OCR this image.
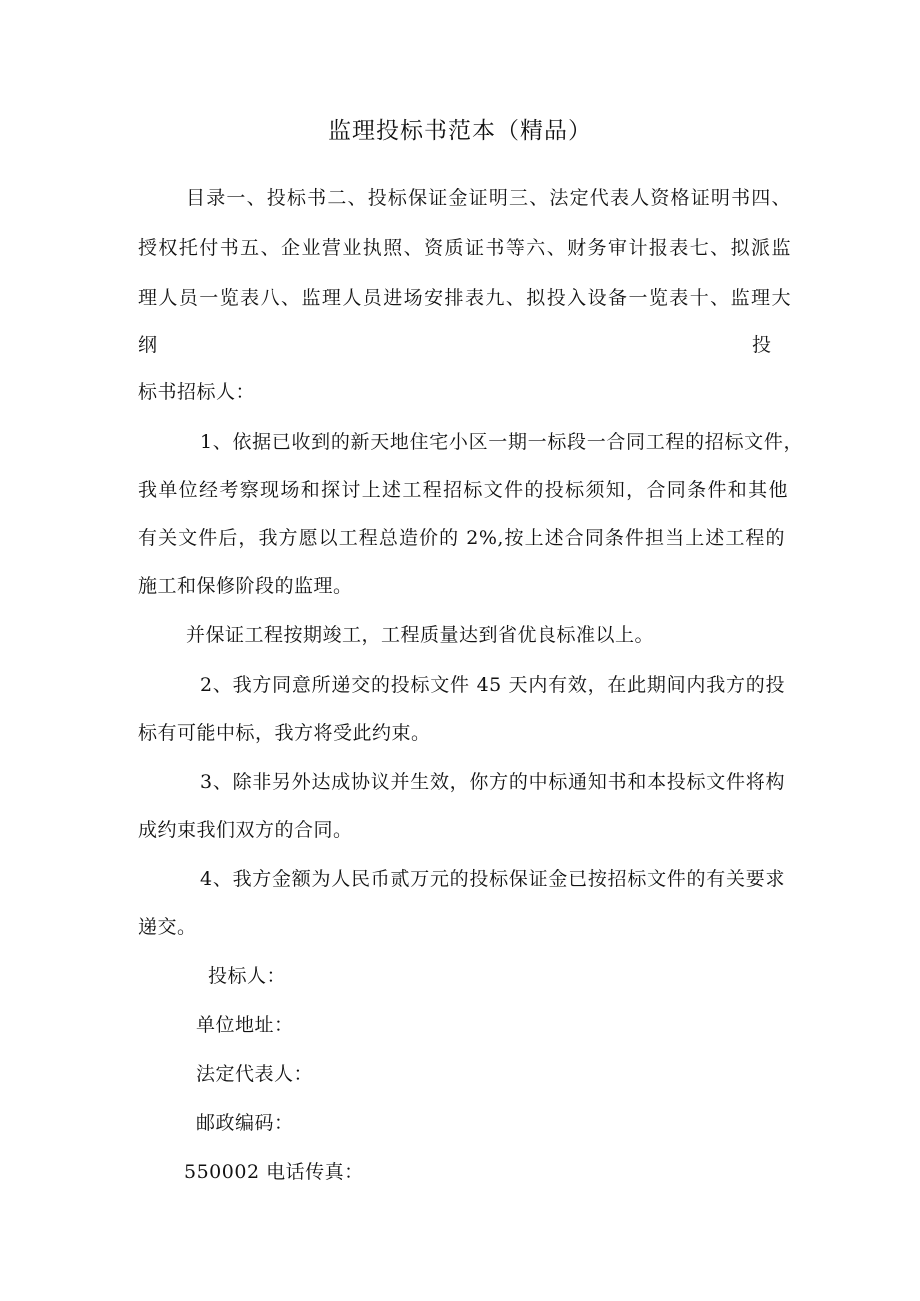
监理投标书范本（精品）
目录一、投标书二、投标保证金证明三、法定代表人资格证明书四、
授权托付书五、企业营业执照、资质证书等六、财务审计报表七、拟派监
理人员一览表八、监理人员进场安排表九、拟投入设备一览表十、监理大
纲	投
标书招标人：
1、依据已收到的新天地住宅小区一期一标段一合同工程的招标文件，
我单位经考察现场和探讨上述工程招标文件的投标须知，合同条件和其他
有关文件后，我方愿以工程总造价的 2%,按上述合同条件担当上述工程的
施工和保修阶段的监理。
并保证工程按期竣工，工程质量达到省优良标准以上。
2、我方同意所递交的投标文件 45 天内有效，在此期间内我方的投
标有可能中标，我方将受此约束。
3、除非另外达成协议并生效，你方的中标通知书和本投标文件将构
成约束我们双方的合同。
4、我方金额为人民币贰万元的投标保证金已按招标文件的有关要求
递交。
投标人：
单位地址：
法定代表人：
邮政编码：
550002 电话传真：
